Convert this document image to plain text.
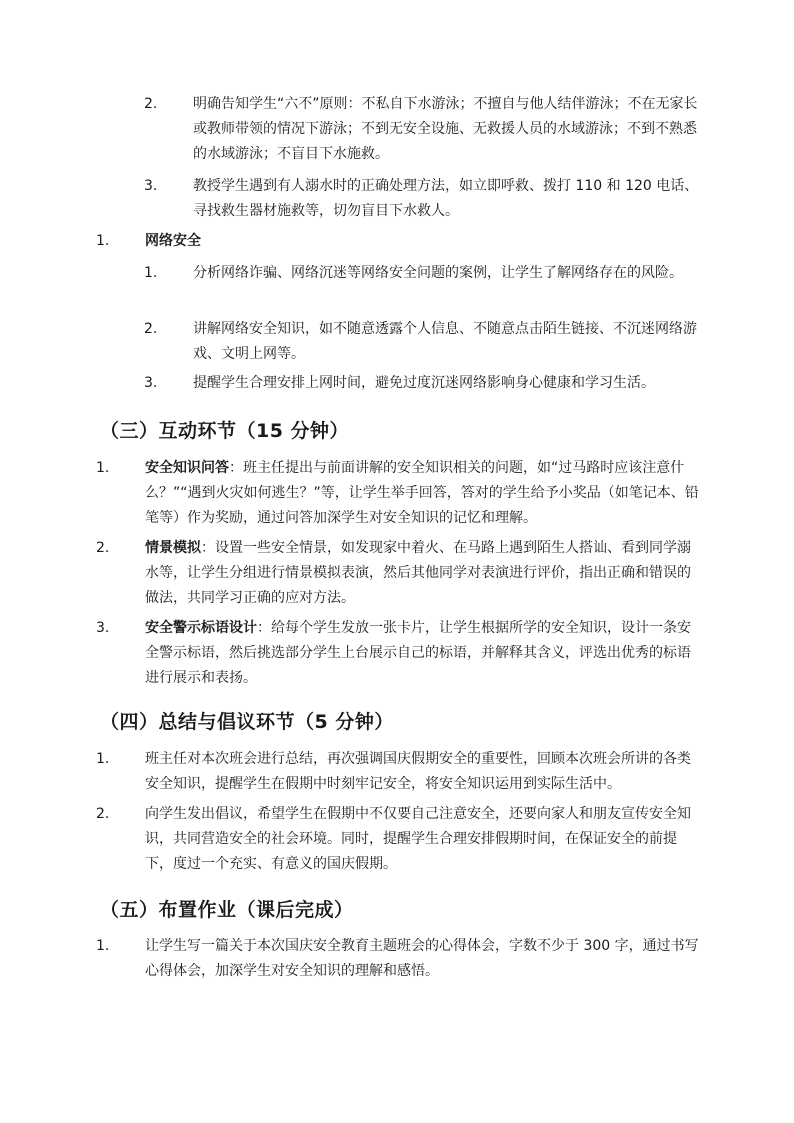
2.	明确告知学生“六不”原则：不私自下水游泳；不擅自与他人结伴游泳；不在无家长或教师带领的情况下游泳；不到无安全设施、无救援人员的水域游泳；不到不熟悉的水域游泳；不盲目下水施救。
3.	教授学生遇到有人溺水时的正确处理方法，如立即呼救、拨打 110 和 120 电话、寻找救生器材施救等，切勿盲目下水救人。
1.	网络安全
1.	分析网络诈骗、网络沉迷等网络安全问题的案例，让学生了解网络存在的风险。
2.	讲解网络安全知识，如不随意透露个人信息、不随意点击陌生链接、不沉迷网络游戏、文明上网等。
3.	提醒学生合理安排上网时间，避免过度沉迷网络影响身心健康和学习生活。
（三）互动环节（15 分钟）
1.	安全知识问答：班主任提出与前面讲解的安全知识相关的问题，如“过马路时应该注意什么？”“遇到火灾如何逃生？”等，让学生举手回答，答对的学生给予小奖品（如笔记本、铅笔等）作为奖励，通过问答加深学生对安全知识的记忆和理解。
2.	情景模拟：设置一些安全情景，如发现家中着火、在马路上遇到陌生人搭讪、看到同学溺水等，让学生分组进行情景模拟表演，然后其他同学对表演进行评价，指出正确和错误的做法，共同学习正确的应对方法。
3.	安全警示标语设计：给每个学生发放一张卡片，让学生根据所学的安全知识，设计一条安全警示标语，然后挑选部分学生上台展示自己的标语，并解释其含义，评选出优秀的标语进行展示和表扬。
（四）总结与倡议环节（5 分钟）
1.	班主任对本次班会进行总结，再次强调国庆假期安全的重要性，回顾本次班会所讲的各类安全知识，提醒学生在假期中时刻牢记安全，将安全知识运用到实际生活中。
2.	向学生发出倡议，希望学生在假期中不仅要自己注意安全，还要向家人和朋友宣传安全知识，共同营造安全的社会环境。同时，提醒学生合理安排假期时间，在保证安全的前提下，度过一个充实、有意义的国庆假期。
（五）布置作业（课后完成）
1.	让学生写一篇关于本次国庆安全教育主题班会的心得体会，字数不少于 300 字，通过书写心得体会，加深学生对安全知识的理解和感悟。
